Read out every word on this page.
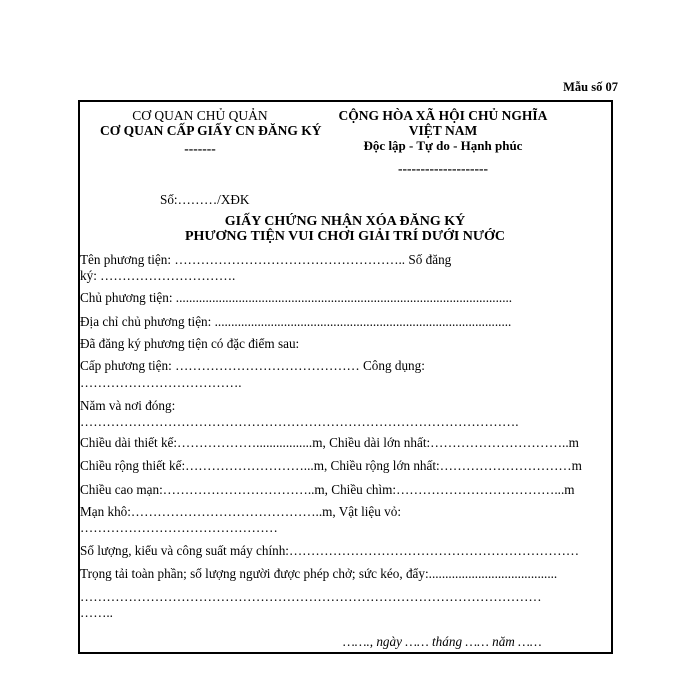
Mẫu số 07
CƠ QUAN CHỦ QUẢN
CƠ QUAN CẤP GIẤY CN ĐĂNG KÝ
-------
CỘNG HÒA XÃ HỘI CHỦ NGHĨA
VIỆT NAM
Độc lập - Tự do - Hạnh phúc
--------------------
Số:………/XĐK
GIẤY CHỨNG NHẬN XÓA ĐĂNG KÝ
PHƯƠNG TIỆN VUI CHƠI GIẢI TRÍ DƯỚI NƯỚC
Tên phương tiện: …………………………………………….. Số đăng
ký: ………………………….
Chủ phương tiện: ......................................................................................................
Địa chỉ chủ phương tiện: ..........................................................................................
Đã đăng ký phương tiện có đặc điểm sau:
Cấp phương tiện: …………………………………… Công dụng:
……………………………….
Năm và nơi đóng:
……………………………………………………………………………………….
Chiều dài thiết kế:……………….................m, Chiều dài lớn nhất:…………………………..m
Chiều rộng thiết kế:………………………...m, Chiều rộng lớn nhất:…………………………m
Chiều cao mạn:……………………………..m, Chiều chìm:………………………………...m
Mạn khô:……………………………………..m, Vật liệu vỏ:
………………………………………
Số lượng, kiểu và công suất máy chính:…………………………………………………………
Trọng tải toàn phần; số lượng người được phép chở; sức kéo, đẩy:.......................................
……………………………………………………………………………………………
……..
……., ngày …… tháng …… năm ……
